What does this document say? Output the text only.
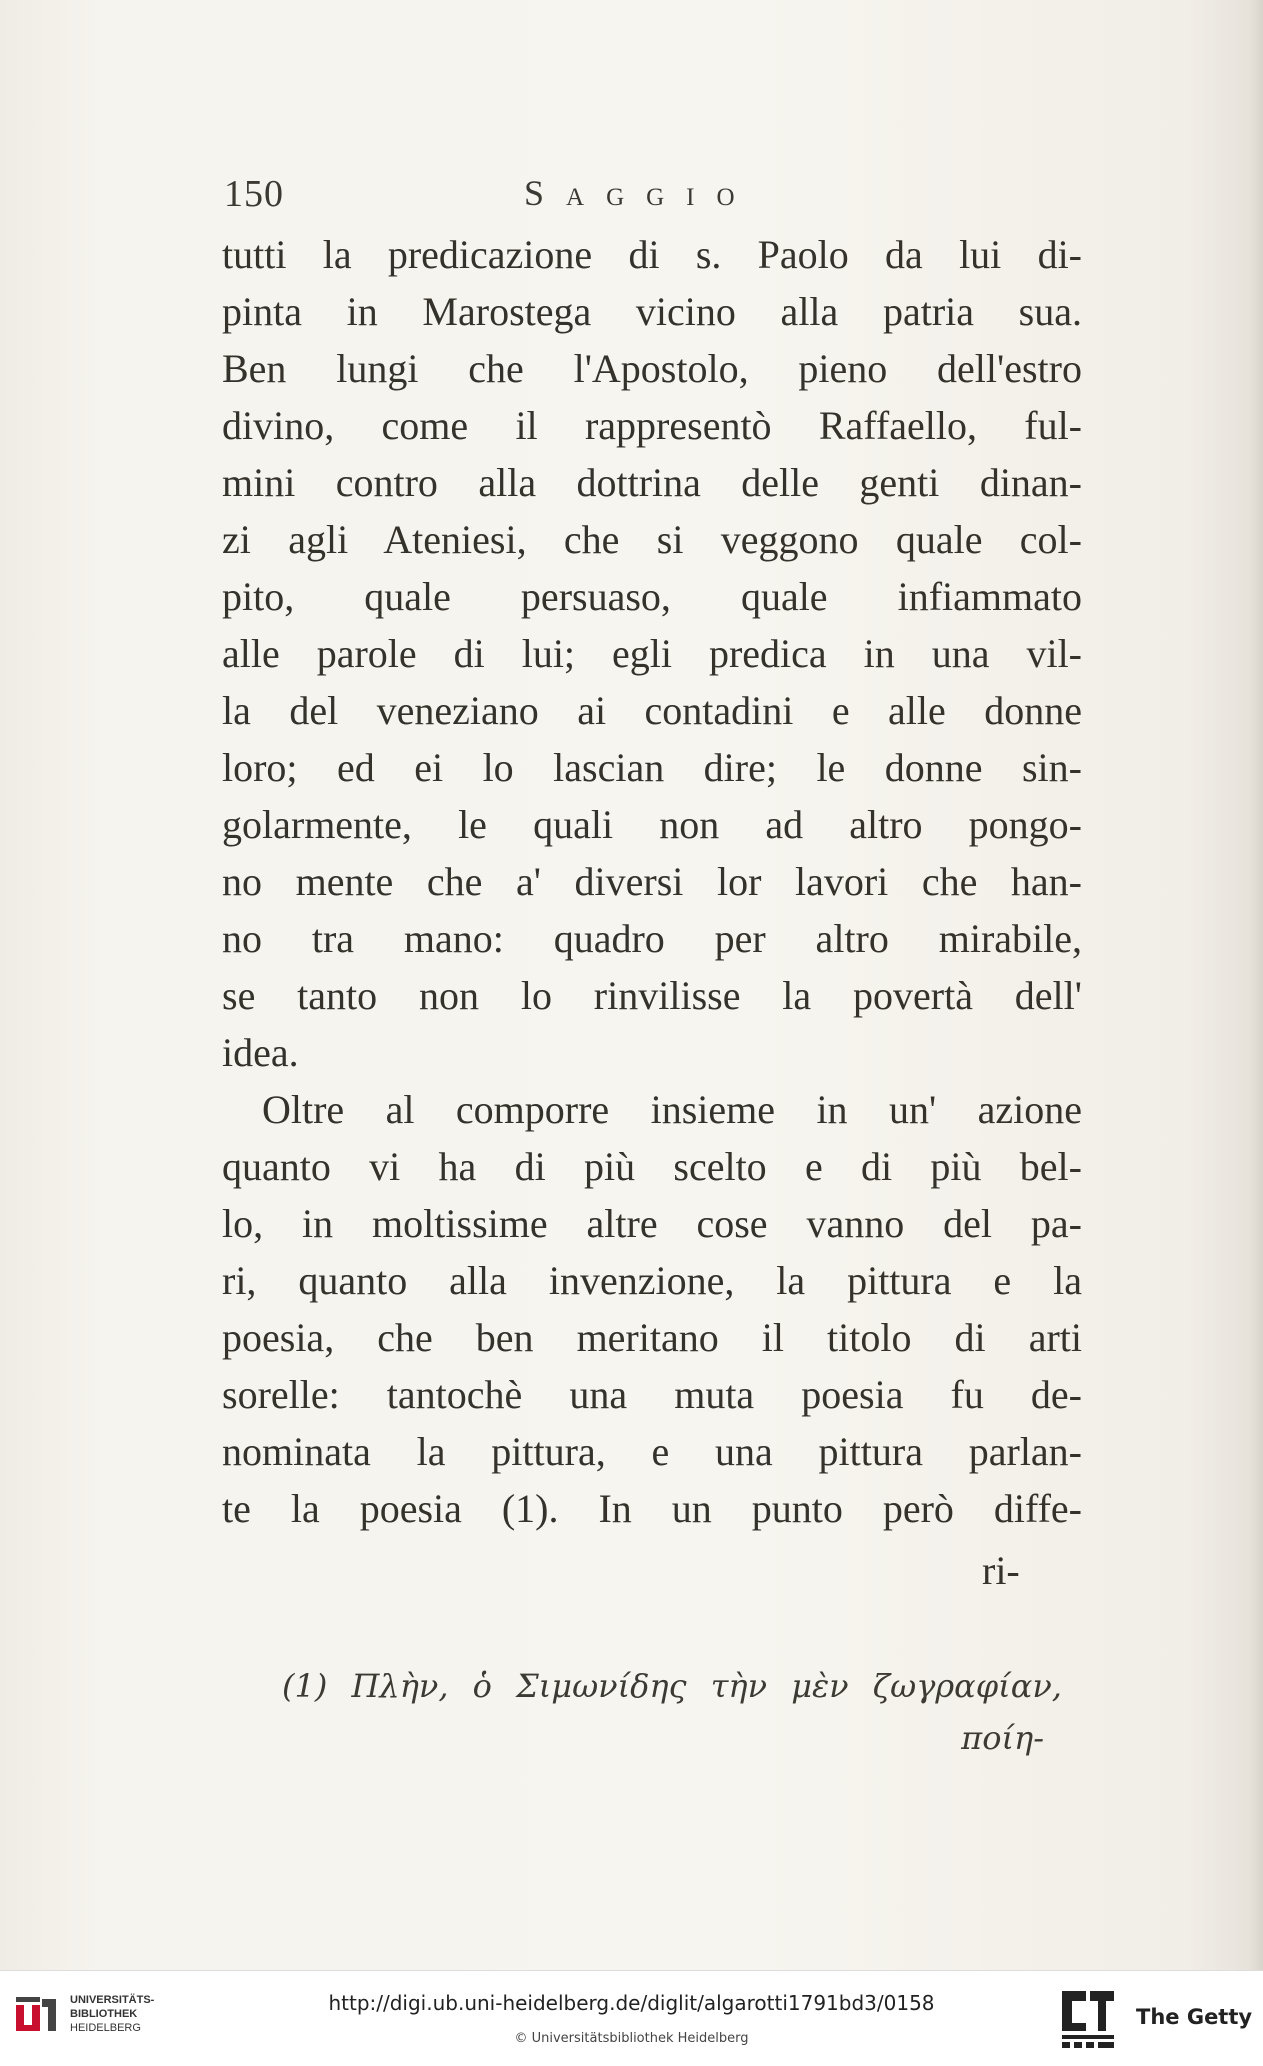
150	Saggio
tutti la predicazione di s. Paolo da lui di-
pinta in Marostega vicino alla patria sua.
Ben lungi che l'Apostolo, pieno dell'estro
divino, come il rappresentò Raffaello, ful-
mini contro alla dottrina delle genti dinan-
zi agli Ateniesi, che si veggono quale col-
pito, quale persuaso, quale infiammato
alle parole di lui; egli predica in una vil-
la del veneziano ai contadini e alle donne
loro; ed ei lo lascian dire; le donne sin-
golarmente, le quali non ad altro pongo-
no mente che a' diversi lor lavori che han-
no tra mano: quadro per altro mirabile,
se tanto non lo rinvilisse la povertà dell'
idea.
Oltre al comporre insieme in un' azione
quanto vi ha di più scelto e di più bel-
lo, in moltissime altre cose vanno del pa-
ri, quanto alla invenzione, la pittura e la
poesia, che ben meritano il titolo di arti
sorelle: tantochè una muta poesia fu de-
nominata la pittura, e una pittura parlan-
te la poesia (1). In un punto però diffe-
ri-
(1) Πλὴν, ὁ Σιμωνίδης τὴν μὲν ζωγραφίαν,
ποίη-
UNIVERSITÄTS-
BIBLIOTHEK
HEIDELBERG
http://digi.ub.uni-heidelberg.de/diglit/algarotti1791bd3/0158
© Universitätsbibliothek Heidelberg
The Getty
